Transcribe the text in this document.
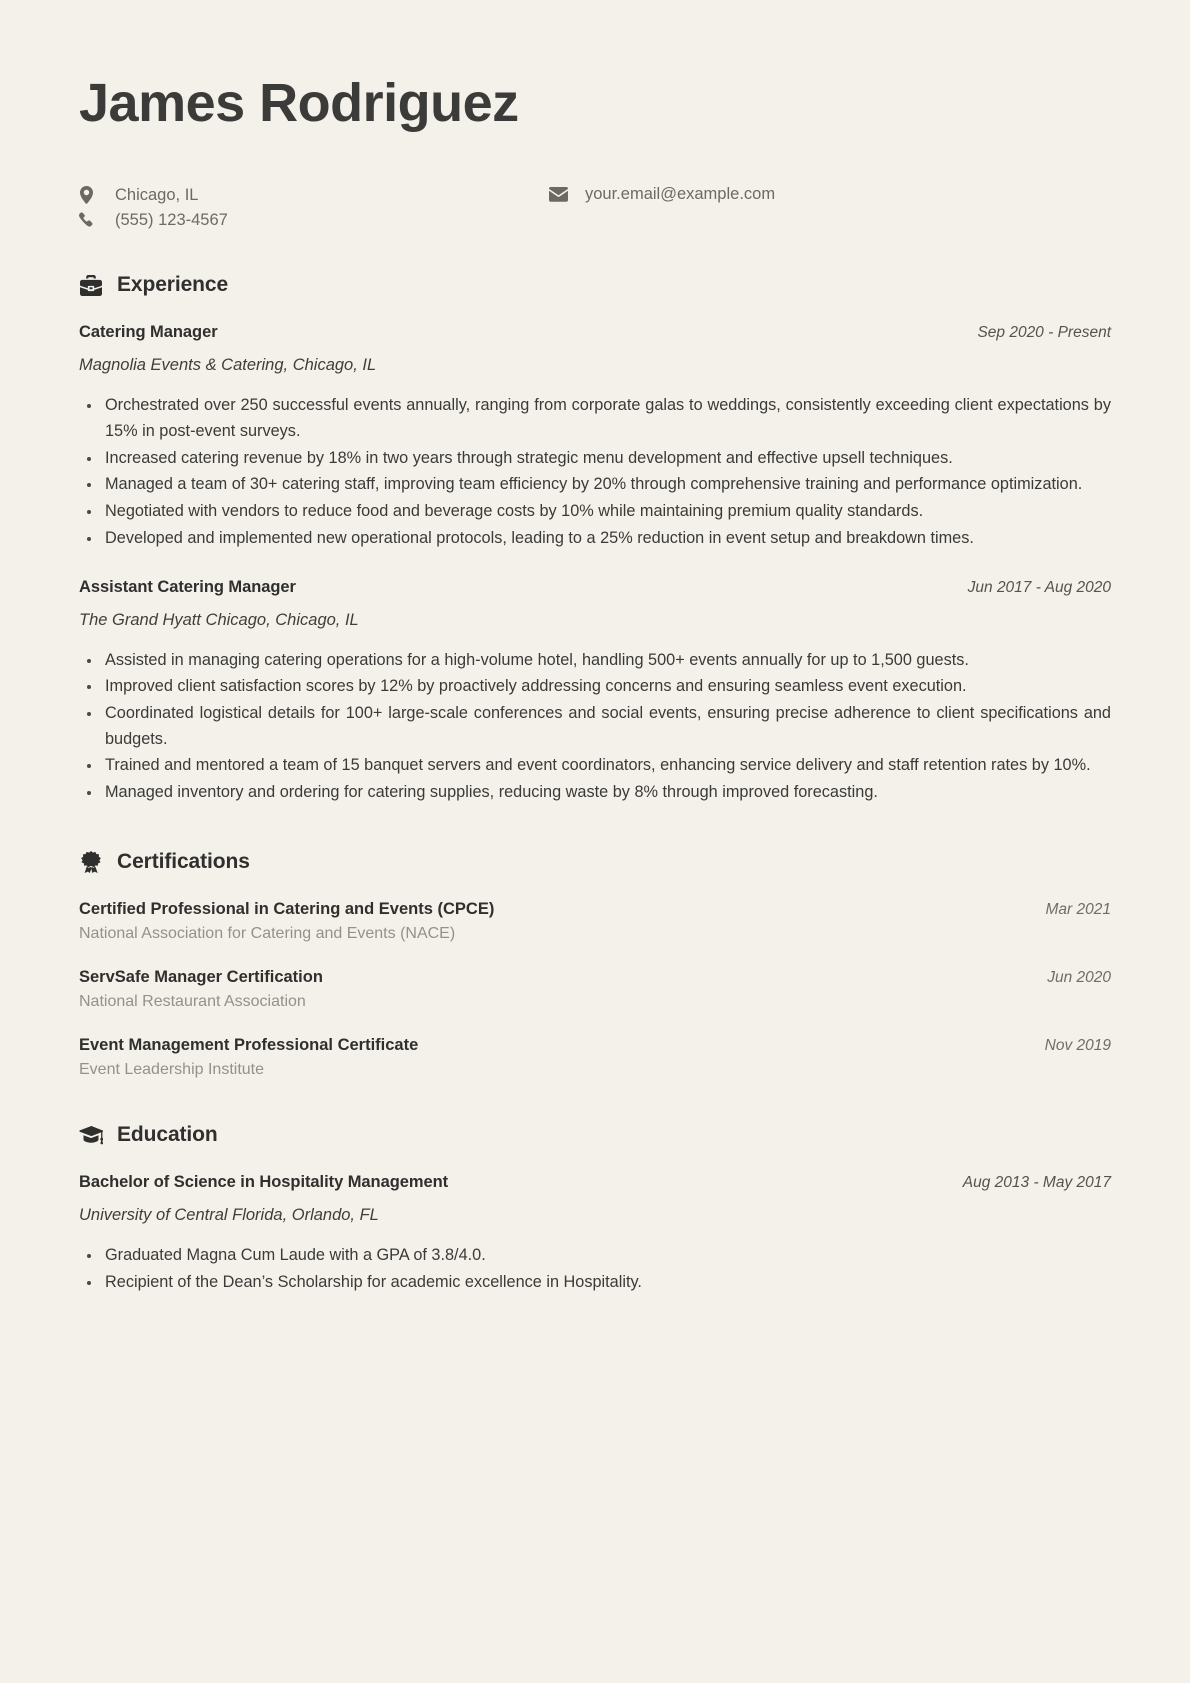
James Rodriguez
Chicago, IL
(555) 123-4567
your.email@example.com
Experience
Catering Manager	Sep 2020 - Present
Magnolia Events & Catering, Chicago, IL
Orchestrated over 250 successful events annually, ranging from corporate galas to weddings, consistently exceeding client expectations by 15% in post-event surveys.
Increased catering revenue by 18% in two years through strategic menu development and effective upsell techniques.
Managed a team of 30+ catering staff, improving team efficiency by 20% through comprehensive training and performance optimization.
Negotiated with vendors to reduce food and beverage costs by 10% while maintaining premium quality standards.
Developed and implemented new operational protocols, leading to a 25% reduction in event setup and breakdown times.
Assistant Catering Manager	Jun 2017 - Aug 2020
The Grand Hyatt Chicago, Chicago, IL
Assisted in managing catering operations for a high-volume hotel, handling 500+ events annually for up to 1,500 guests.
Improved client satisfaction scores by 12% by proactively addressing concerns and ensuring seamless event execution.
Coordinated logistical details for 100+ large-scale conferences and social events, ensuring precise adherence to client specifications and budgets.
Trained and mentored a team of 15 banquet servers and event coordinators, enhancing service delivery and staff retention rates by 10%.
Managed inventory and ordering for catering supplies, reducing waste by 8% through improved forecasting.
Certifications
Certified Professional in Catering and Events (CPCE)	Mar 2021
National Association for Catering and Events (NACE)
ServSafe Manager Certification	Jun 2020
National Restaurant Association
Event Management Professional Certificate	Nov 2019
Event Leadership Institute
Education
Bachelor of Science in Hospitality Management	Aug 2013 - May 2017
University of Central Florida, Orlando, FL
Graduated Magna Cum Laude with a GPA of 3.8/4.0.
Recipient of the Dean’s Scholarship for academic excellence in Hospitality.
